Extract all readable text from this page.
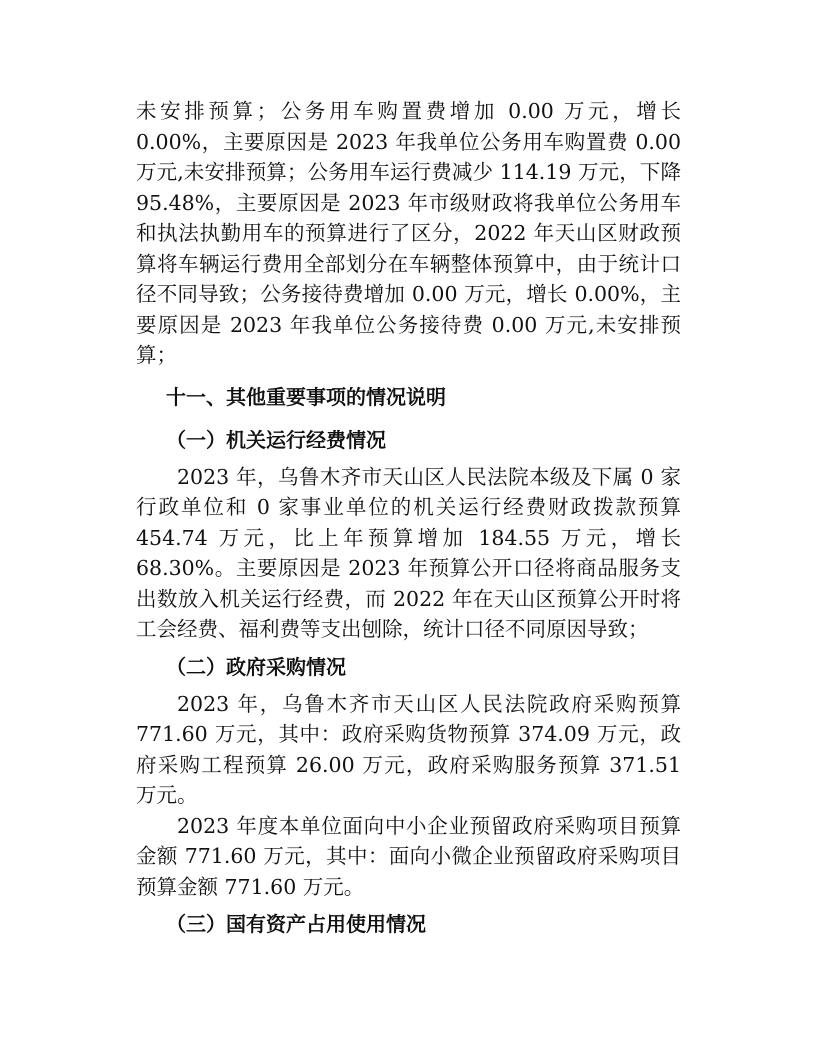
未安排预算；公务用车购置费增加 0.00 万元，增长 0.00%，主要原因是 2023 年我单位公务用车购置费 0.00 万元,未安排预算；公务用车运行费减少 114.19 万元，下降 95.48%，主要原因是 2023 年市级财政将我单位公务用车和执法执勤用车的预算进行了区分，2022 年天山区财政预算将车辆运行费用全部划分在车辆整体预算中，由于统计口径不同导致；公务接待费增加 0.00 万元，增长 0.00%，主要原因是 2023 年我单位公务接待费 0.00 万元,未安排预算；

十一、其他重要事项的情况说明
（一）机关运行经费情况

2023 年，乌鲁木齐市天山区人民法院本级及下属 0 家行政单位和 0 家事业单位的机关运行经费财政拨款预算 454.74 万元，比上年预算增加 184.55 万元，增长 68.30%。主要原因是 2023 年预算公开口径将商品服务支出数放入机关运行经费，而 2022 年在天山区预算公开时将工会经费、福利费等支出刨除，统计口径不同原因导致；

（二）政府采购情况

2023 年，乌鲁木齐市天山区人民法院政府采购预算 771.60 万元，其中：政府采购货物预算 374.09 万元，政府采购工程预算 26.00 万元，政府采购服务预算 371.51 万元。

2023 年度本单位面向中小企业预留政府采购项目预算金额 771.60 万元，其中：面向小微企业预留政府采购项目预算金额 771.60 万元。

（三）国有资产占用使用情况
